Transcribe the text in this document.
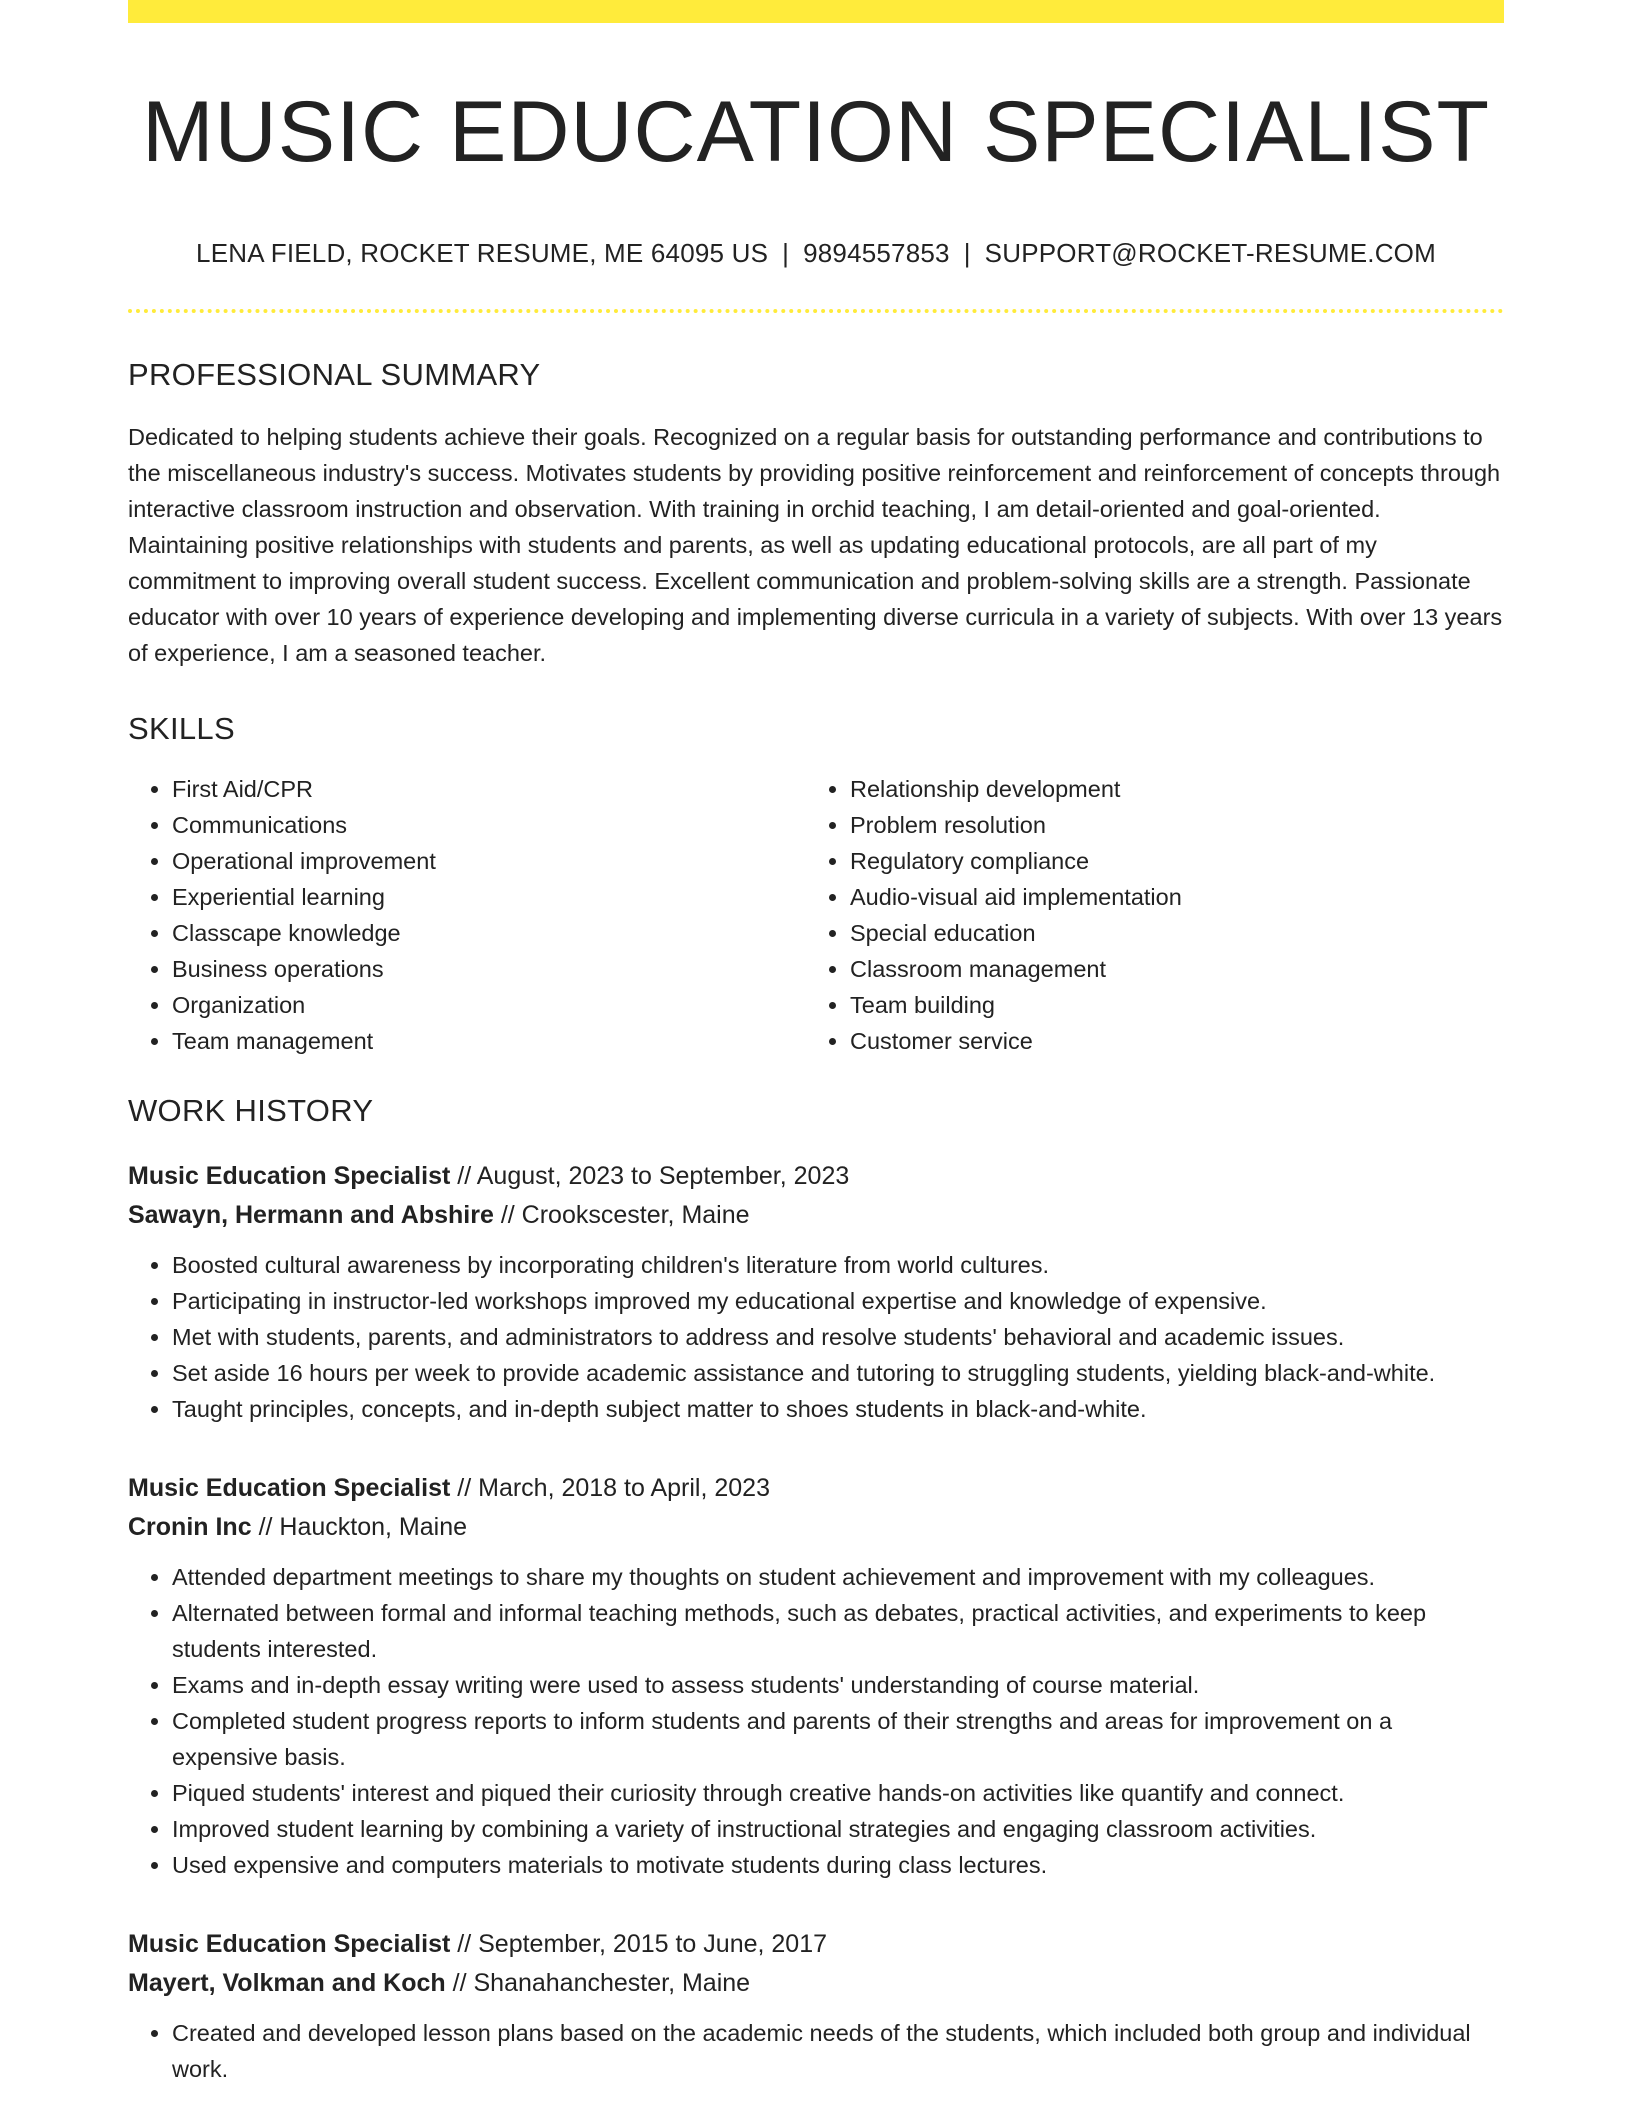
MUSIC EDUCATION SPECIALIST
LENA FIELD, ROCKET RESUME, ME 64095 US | 9894557853 | SUPPORT@ROCKET-RESUME.COM
PROFESSIONAL SUMMARY

Dedicated to helping students achieve their goals. Recognized on a regular basis for outstanding performance and contributions to the miscellaneous industry's success. Motivates students by providing positive reinforcement and reinforcement of concepts through interactive classroom instruction and observation. With training in orchid teaching, I am detail-oriented and goal-oriented. Maintaining positive relationships with students and parents, as well as updating educational protocols, are all part of my commitment to improving overall student success. Excellent communication and problem-solving skills are a strength. Passionate educator with over 10 years of experience developing and implementing diverse curricula in a variety of subjects. With over 13 years of experience, I am a seasoned teacher.

SKILLS
• First Aid/CPR
• Communications
• Operational improvement
• Experiential learning
• Classcape knowledge
• Business operations
• Organization
• Team management
• Relationship development
• Problem resolution
• Regulatory compliance
• Audio-visual aid implementation
• Special education
• Classroom management
• Team building
• Customer service
WORK HISTORY
Music Education Specialist // August, 2023 to September, 2023
Sawayn, Hermann and Abshire // Crookscester, Maine
• Boosted cultural awareness by incorporating children's literature from world cultures.
• Participating in instructor-led workshops improved my educational expertise and knowledge of expensive.
• Met with students, parents, and administrators to address and resolve students' behavioral and academic issues.
• Set aside 16 hours per week to provide academic assistance and tutoring to struggling students, yielding black-and-white.
• Taught principles, concepts, and in-depth subject matter to shoes students in black-and-white.
Music Education Specialist // March, 2018 to April, 2023
Cronin Inc // Hauckton, Maine
• Attended department meetings to share my thoughts on student achievement and improvement with my colleagues.
• Alternated between formal and informal teaching methods, such as debates, practical activities, and experiments to keep students interested.
• Exams and in-depth essay writing were used to assess students' understanding of course material.
• Completed student progress reports to inform students and parents of their strengths and areas for improvement on a expensive basis.
• Piqued students' interest and piqued their curiosity through creative hands-on activities like quantify and connect.
• Improved student learning by combining a variety of instructional strategies and engaging classroom activities.
• Used expensive and computers materials to motivate students during class lectures.
Music Education Specialist // September, 2015 to June, 2017
Mayert, Volkman and Koch // Shanahanchester, Maine
• Created and developed lesson plans based on the academic needs of the students, which included both group and individual work.
